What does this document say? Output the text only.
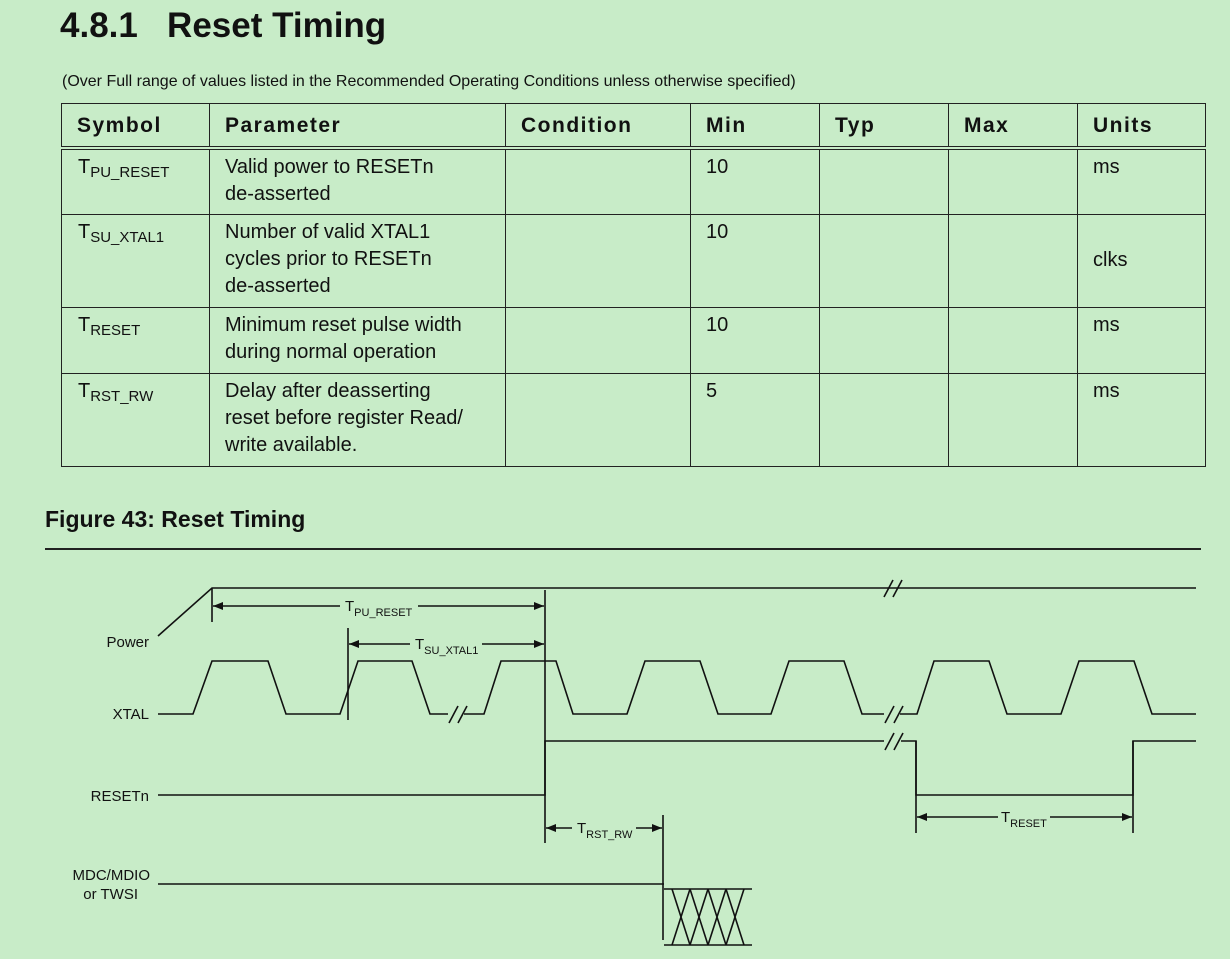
4.8.1 Reset Timing
(Over Full range of values listed in the Recommended Operating Conditions unless otherwise specified)
Symbol	Parameter	Condition	Min	Typ	Max	Units
$T_{PU\_RESET}$	Valid power to RESETn
de-asserted		10			ms
$T_{SU\_XTAL1}$	Number of valid XTAL1
cycles prior to RESETn
de-asserted		10			clks
$T_{RESET}$	Minimum reset pulse width
during normal operation		10			ms
$T_{RST\_RW}$	Delay after deasserting
reset before register Read/
write available.		5			ms
Figure 43: Reset Timing
Power
XTAL
RESETn
MDC/MDIO
or TWSI
$T_{PU\_RESET}$
$T_{SU\_XTAL1}$
$T_{RST\_RW}$
$T_{RESET}$
